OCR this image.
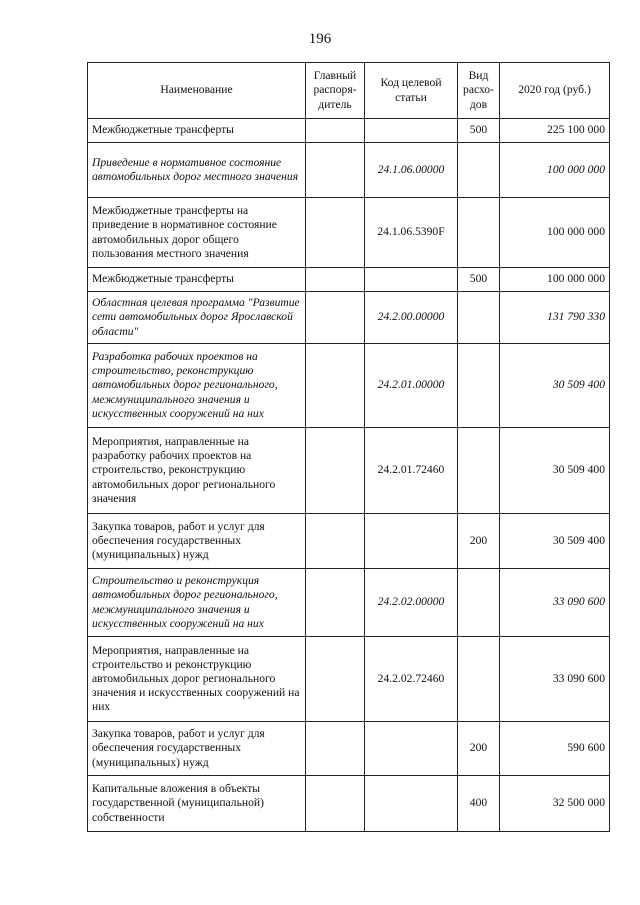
196
Наименование	Главный распоря-дитель	Код целевой статьи	Вид расхо-дов	2020 год (руб.)
Межбюджетные трансферты			500	225 100 000
Приведение в нормативное состояние автомобильных дорог местного значения		24.1.06.00000		100 000 000
Межбюджетные трансферты на приведение в нормативное состояние автомобильных дорог общего пользования местного значения		24.1.06.5390F		100 000 000
Межбюджетные трансферты			500	100 000 000
Областная целевая программа "Развитие сети автомобильных дорог Ярославской области"		24.2.00.00000		131 790 330
Разработка рабочих проектов на строительство, реконструкцию автомобильных дорог регионального, межмуниципального значения и искусственных сооружений на них		24.2.01.00000		30 509 400
Мероприятия, направленные на разработку рабочих проектов на строительство, реконструкцию автомобильных дорог регионального значения		24.2.01.72460		30 509 400
Закупка товаров, работ и услуг для обеспечения государственных (муниципальных) нужд			200	30 509 400
Строительство и реконструкция автомобильных дорог регионального, межмуниципального значения и искусственных сооружений на них		24.2.02.00000		33 090 600
Мероприятия, направленные на строительство и реконструкцию автомобильных дорог регионального значения и искусственных сооружений на них		24.2.02.72460		33 090 600
Закупка товаров, работ и услуг для обеспечения государственных (муниципальных) нужд			200	590 600
Капитальные вложения в объекты государственной (муниципальной) собственности			400	32 500 000
